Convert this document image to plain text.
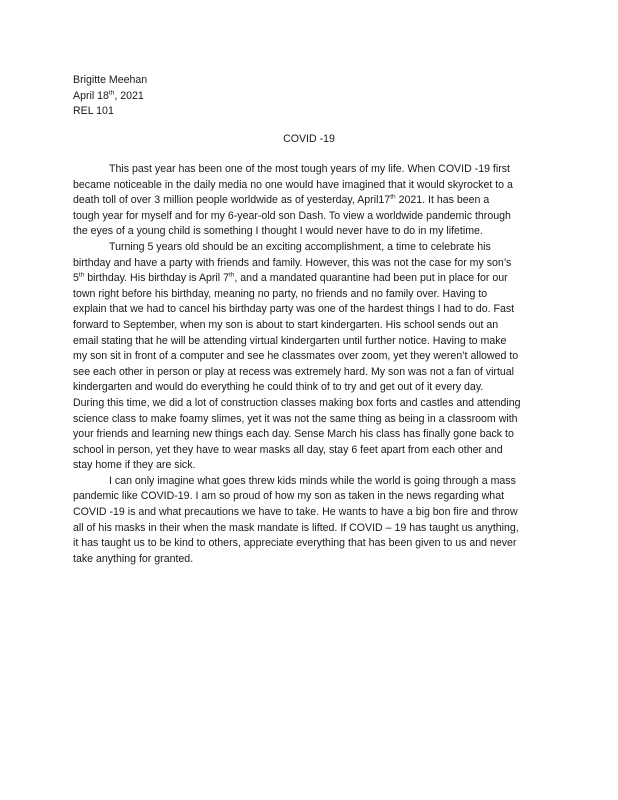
Brigitte Meehan
April 18th, 2021
REL 101
COVID -19
This past year has been one of the most tough years of my life. When COVID -19 first
became noticeable in the daily media no one would have imagined that it would skyrocket to a
death toll of over 3 million people worldwide as of yesterday, April17th 2021. It has been a
tough year for myself and for my 6-year-old son Dash. To view a worldwide pandemic through
the eyes of a young child is something I thought I would never have to do in my lifetime.
Turning 5 years old should be an exciting accomplishment, a time to celebrate his
birthday and have a party with friends and family. However, this was not the case for my son’s
5th birthday. His birthday is April 7th, and a mandated quarantine had been put in place for our
town right before his birthday, meaning no party, no friends and no family over. Having to
explain that we had to cancel his birthday party was one of the hardest things I had to do. Fast
forward to September, when my son is about to start kindergarten. His school sends out an
email stating that he will be attending virtual kindergarten until further notice. Having to make
my son sit in front of a computer and see he classmates over zoom, yet they weren’t allowed to
see each other in person or play at recess was extremely hard. My son was not a fan of virtual
kindergarten and would do everything he could think of to try and get out of it every day.
During this time, we did a lot of construction classes making box forts and castles and attending
science class to make foamy slimes, yet it was not the same thing as being in a classroom with
your friends and learning new things each day. Sense March his class has finally gone back to
school in person, yet they have to wear masks all day, stay 6 feet apart from each other and
stay home if they are sick.
I can only imagine what goes threw kids minds while the world is going through a mass
pandemic like COVID-19. I am so proud of how my son as taken in the news regarding what
COVID -19 is and what precautions we have to take. He wants to have a big bon fire and throw
all of his masks in their when the mask mandate is lifted. If COVID – 19 has taught us anything,
it has taught us to be kind to others, appreciate everything that has been given to us and never
take anything for granted.
